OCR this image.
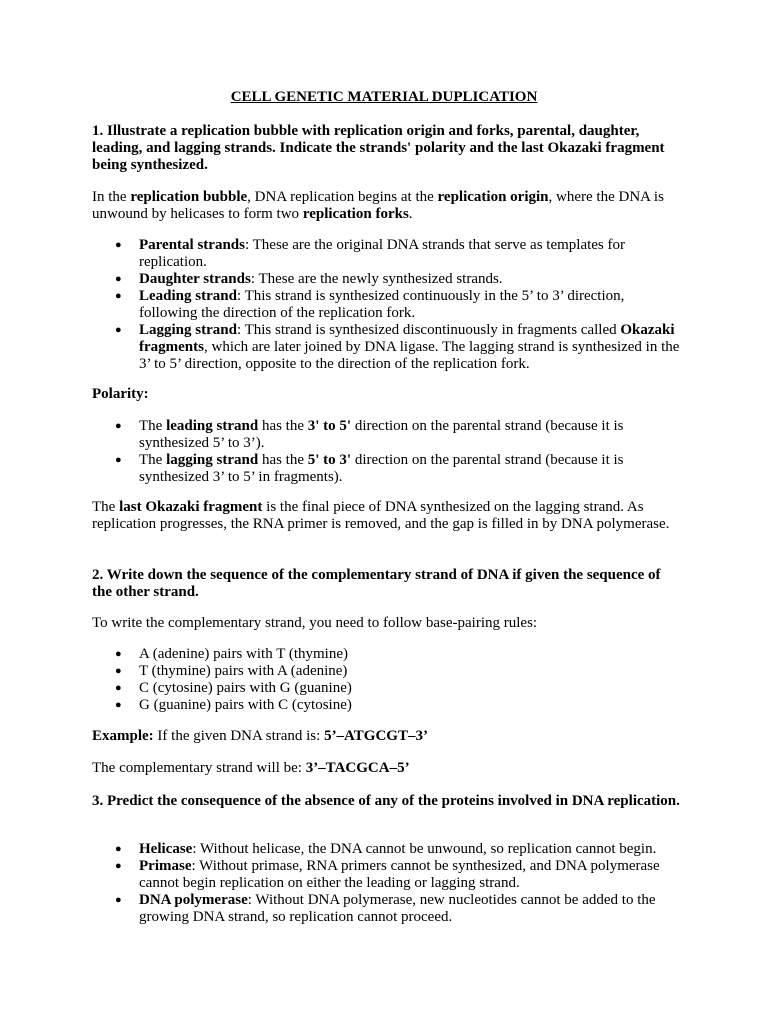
CELL GENETIC MATERIAL DUPLICATION

1. Illustrate a replication bubble with replication origin and forks, parental, daughter, leading, and lagging strands. Indicate the strands' polarity and the last Okazaki fragment being synthesized.

In the replication bubble, DNA replication begins at the replication origin, where the DNA is unwound by helicases to form two replication forks.

● Parental strands: These are the original DNA strands that serve as templates for replication.
● Daughter strands: These are the newly synthesized strands.
● Leading strand: This strand is synthesized continuously in the 5’ to 3’ direction, following the direction of the replication fork.
● Lagging strand: This strand is synthesized discontinuously in fragments called Okazaki fragments, which are later joined by DNA ligase. The lagging strand is synthesized in the 3’ to 5’ direction, opposite to the direction of the replication fork.

Polarity:

● The leading strand has the 3' to 5' direction on the parental strand (because it is synthesized 5’ to 3’).
● The lagging strand has the 5' to 3' direction on the parental strand (because it is synthesized 3’ to 5’ in fragments).

The last Okazaki fragment is the final piece of DNA synthesized on the lagging strand. As replication progresses, the RNA primer is removed, and the gap is filled in by DNA polymerase.

2. Write down the sequence of the complementary strand of DNA if given the sequence of the other strand.

To write the complementary strand, you need to follow base-pairing rules:

● A (adenine) pairs with T (thymine)
● T (thymine) pairs with A (adenine)
● C (cytosine) pairs with G (guanine)
● G (guanine) pairs with C (cytosine)

Example: If the given DNA strand is: 5’–ATGCGT–3’

The complementary strand will be: 3’–TACGCA–5’

3. Predict the consequence of the absence of any of the proteins involved in DNA replication.

● Helicase: Without helicase, the DNA cannot be unwound, so replication cannot begin.
● Primase: Without primase, RNA primers cannot be synthesized, and DNA polymerase cannot begin replication on either the leading or lagging strand.
● DNA polymerase: Without DNA polymerase, new nucleotides cannot be added to the growing DNA strand, so replication cannot proceed.
